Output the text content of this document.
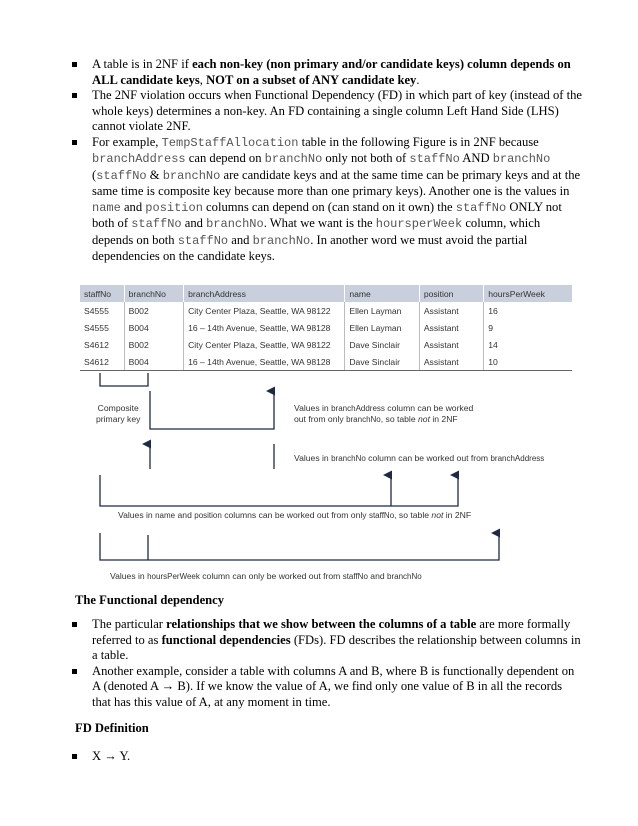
A table is in 2NF if each non-key (non primary and/or candidate keys) column depends on ALL candidate keys, NOT on a subset of ANY candidate key.
The 2NF violation occurs when Functional Dependency (FD) in which part of key (instead of the whole keys) determines a non-key. An FD containing a single column Left Hand Side (LHS) cannot violate 2NF.
For example, TempStaffAllocation table in the following Figure is in 2NF because branchAddress can depend on branchNo only not both of staffNo AND branchNo (staffNo & branchNo are candidate keys and at the same time can be primary keys and at the same time is composite key because more than one primary keys). Another one is the values in name and position columns can depend on (can stand on it own) the staffNo ONLY not both of staffNo and branchNo. What we want is the hoursperWeek column, which depends on both staffNo and branchNo. In another word we must avoid the partial dependencies on the candidate keys.
staffNo	branchNo	branchAddress	name	position	hoursPerWeek
S4555	B002	City Center Plaza, Seattle, WA 98122	Ellen Layman	Assistant	16
S4555	B004	16 – 14th Avenue, Seattle, WA 98128	Ellen Layman	Assistant	9
S4612	B002	City Center Plaza, Seattle, WA 98122	Dave Sinclair	Assistant	14
S4612	B004	16 – 14th Avenue, Seattle, WA 98128	Dave Sinclair	Assistant	10
Composite
primary key
Values in branchAddress column can be worked
out from only branchNo, so table not in 2NF
Values in branchNo column can be worked out from branchAddress
Values in name and position columns can be worked out from only staffNo, so table not in 2NF
Values in hoursPerWeek column can only be worked out from staffNo and branchNo
The Functional dependency
The particular relationships that we show between the columns of a table are more formally referred to as functional dependencies (FDs). FD describes the relationship between columns in a table.
Another example, consider a table with columns A and B, where B is functionally dependent on A (denoted A → B). If we know the value of A, we find only one value of B in all the records that has this value of A, at any moment in time.
FD Definition
X → Y.
